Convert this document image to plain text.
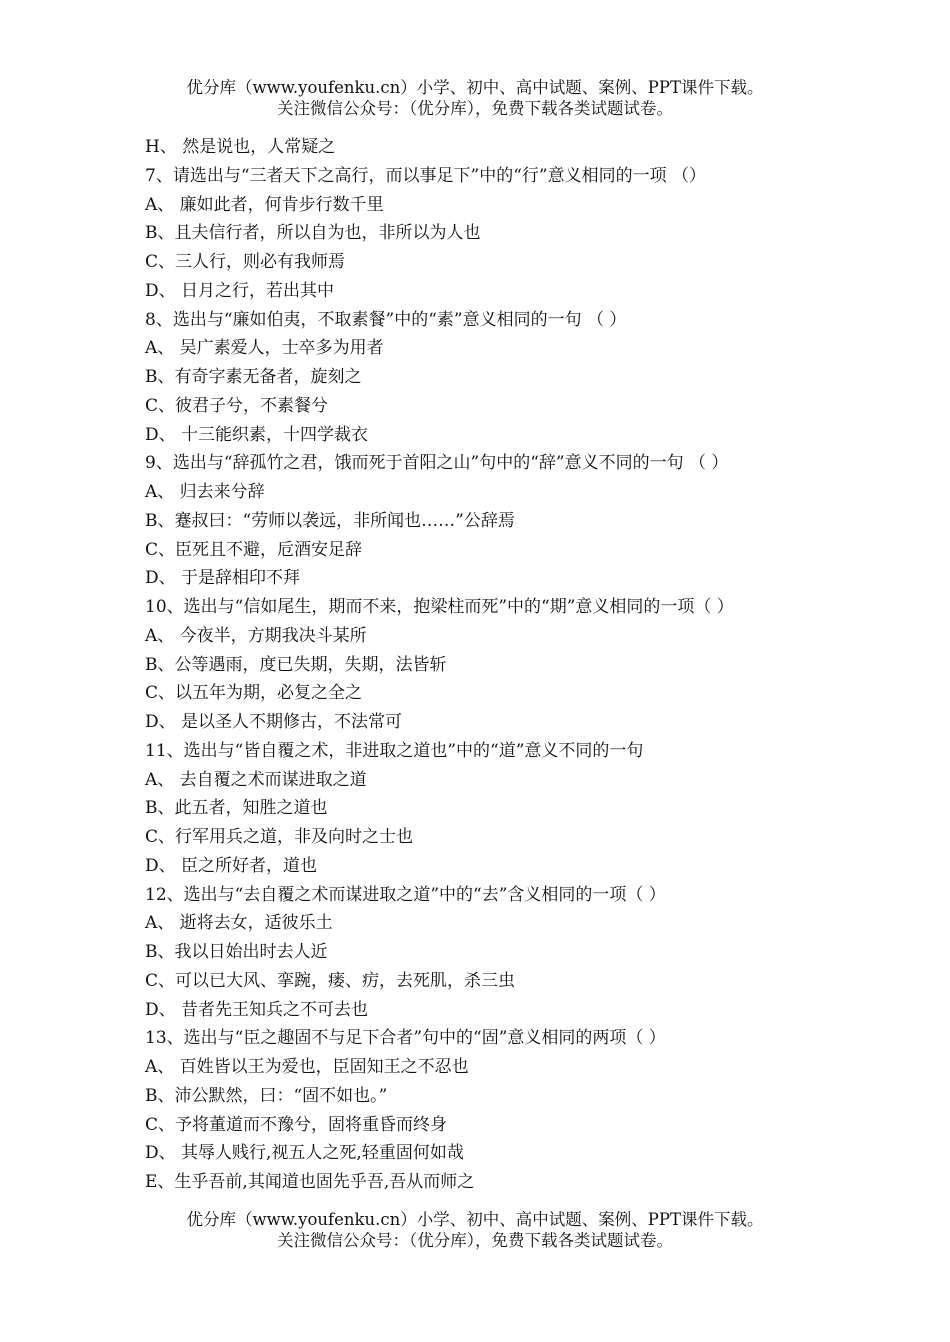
优分库（www.youfenku.cn）小学、初中、高中试题、案例、PPT课件下载。
关注微信公众号：（优分库），免费下载各类试题试卷。
H、 然是说也，人常疑之
7、请选出与“三者天下之高行，而以事足下”中的“行”意义相同的一项 （）
A、 廉如此者，何肯步行数千里
B、且夫信行者，所以自为也，非所以为人也
C、三人行，则必有我师焉
D、 日月之行，若出其中
8、选出与“廉如伯夷，不取素餐”中的“素”意义相同的一句 （ ）
A、 吴广素爱人，士卒多为用者
B、有奇字素无备者，旋刻之
C、彼君子兮，不素餐兮
D、 十三能织素，十四学裁衣
9、选出与“辞孤竹之君，饿而死于首阳之山”句中的“辞”意义不同的一句 （ ）
A、 归去来兮辞
B、蹇叔曰：“劳师以袭远，非所闻也……”公辞焉
C、臣死且不避，卮酒安足辞
D、 于是辞相印不拜
10、选出与“信如尾生，期而不来，抱梁柱而死”中的“期”意义相同的一项（ ）
A、 今夜半，方期我决斗某所
B、公等遇雨，度已失期，失期，法皆斩
C、以五年为期，必复之全之
D、 是以圣人不期修古，不法常可
11、选出与“皆自覆之术，非进取之道也”中的“道”意义不同的一句
A、 去自覆之术而谋进取之道
B、此五者，知胜之道也
C、行军用兵之道，非及向时之士也
D、 臣之所好者，道也
12、选出与“去自覆之术而谋进取之道”中的“去”含义相同的一项（ ）
A、 逝将去女，适彼乐土
B、我以日始出时去人近
C、可以已大风、挛踠，瘘、疠，去死肌，杀三虫
D、 昔者先王知兵之不可去也
13、选出与“臣之趣固不与足下合者”句中的“固”意义相同的两项（ ）
A、 百姓皆以王为爱也，臣固知王之不忍也
B、沛公默然，曰：“固不如也。”
C、予将董道而不豫兮，固将重昏而终身
D、 其辱人贱行,视五人之死,轻重固何如哉
E、生乎吾前,其闻道也固先乎吾,吾从而师之
优分库（www.youfenku.cn）小学、初中、高中试题、案例、PPT课件下载。
关注微信公众号：（优分库），免费下载各类试题试卷。
